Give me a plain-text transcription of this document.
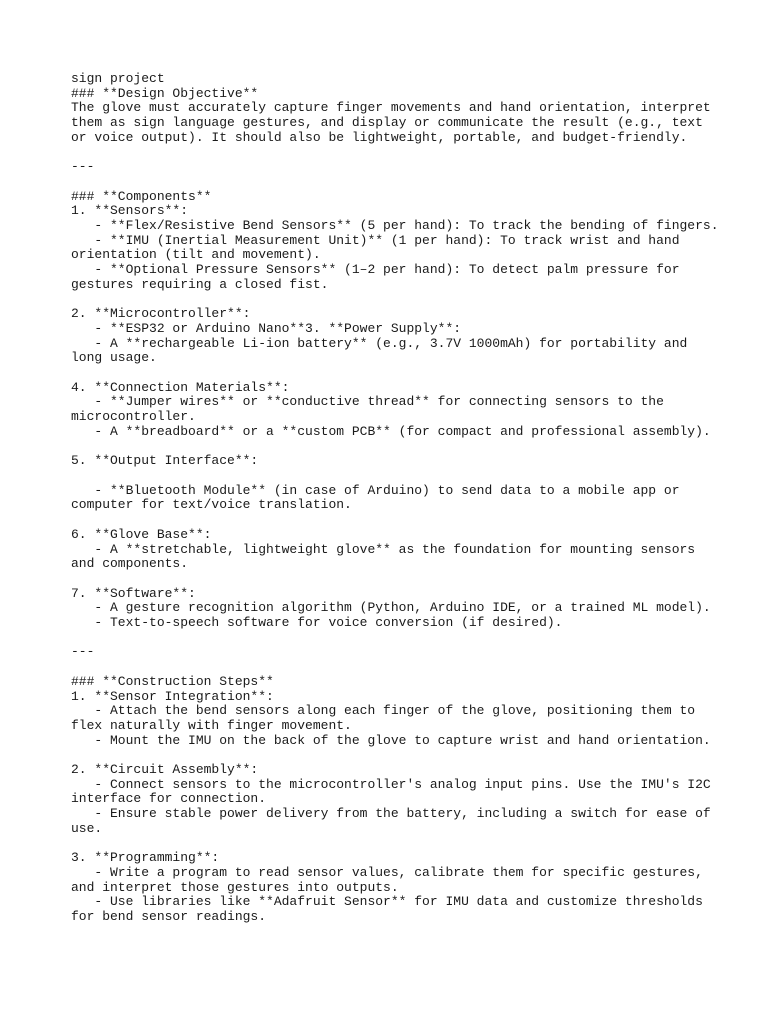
sign project
### **Design Objective**
The glove must accurately capture finger movements and hand orientation, interpret
them as sign language gestures, and display or communicate the result (e.g., text
or voice output). It should also be lightweight, portable, and budget-friendly.

---

### **Components**
1. **Sensors**:
- **Flex/Resistive Bend Sensors** (5 per hand): To track the bending of fingers.
- **IMU (Inertial Measurement Unit)** (1 per hand): To track wrist and hand
orientation (tilt and movement).
- **Optional Pressure Sensors** (1–2 per hand): To detect palm pressure for
gestures requiring a closed fist.

2. **Microcontroller**:
- **ESP32 or Arduino Nano**3. **Power Supply**:
- A **rechargeable Li-ion battery** (e.g., 3.7V 1000mAh) for portability and
long usage.

4. **Connection Materials**:
- **Jumper wires** or **conductive thread** for connecting sensors to the
microcontroller.
- A **breadboard** or a **custom PCB** (for compact and professional assembly).

5. **Output Interface**:

- **Bluetooth Module** (in case of Arduino) to send data to a mobile app or
computer for text/voice translation.

6. **Glove Base**:
- A **stretchable, lightweight glove** as the foundation for mounting sensors
and components.

7. **Software**:
- A gesture recognition algorithm (Python, Arduino IDE, or a trained ML model).
- Text-to-speech software for voice conversion (if desired).

---

### **Construction Steps**
1. **Sensor Integration**:
- Attach the bend sensors along each finger of the glove, positioning them to
flex naturally with finger movement.
- Mount the IMU on the back of the glove to capture wrist and hand orientation.

2. **Circuit Assembly**:
- Connect sensors to the microcontroller's analog input pins. Use the IMU's I2C
interface for connection.
- Ensure stable power delivery from the battery, including a switch for ease of
use.

3. **Programming**:
- Write a program to read sensor values, calibrate them for specific gestures,
and interpret those gestures into outputs.
- Use libraries like **Adafruit Sensor** for IMU data and customize thresholds
for bend sensor readings.
